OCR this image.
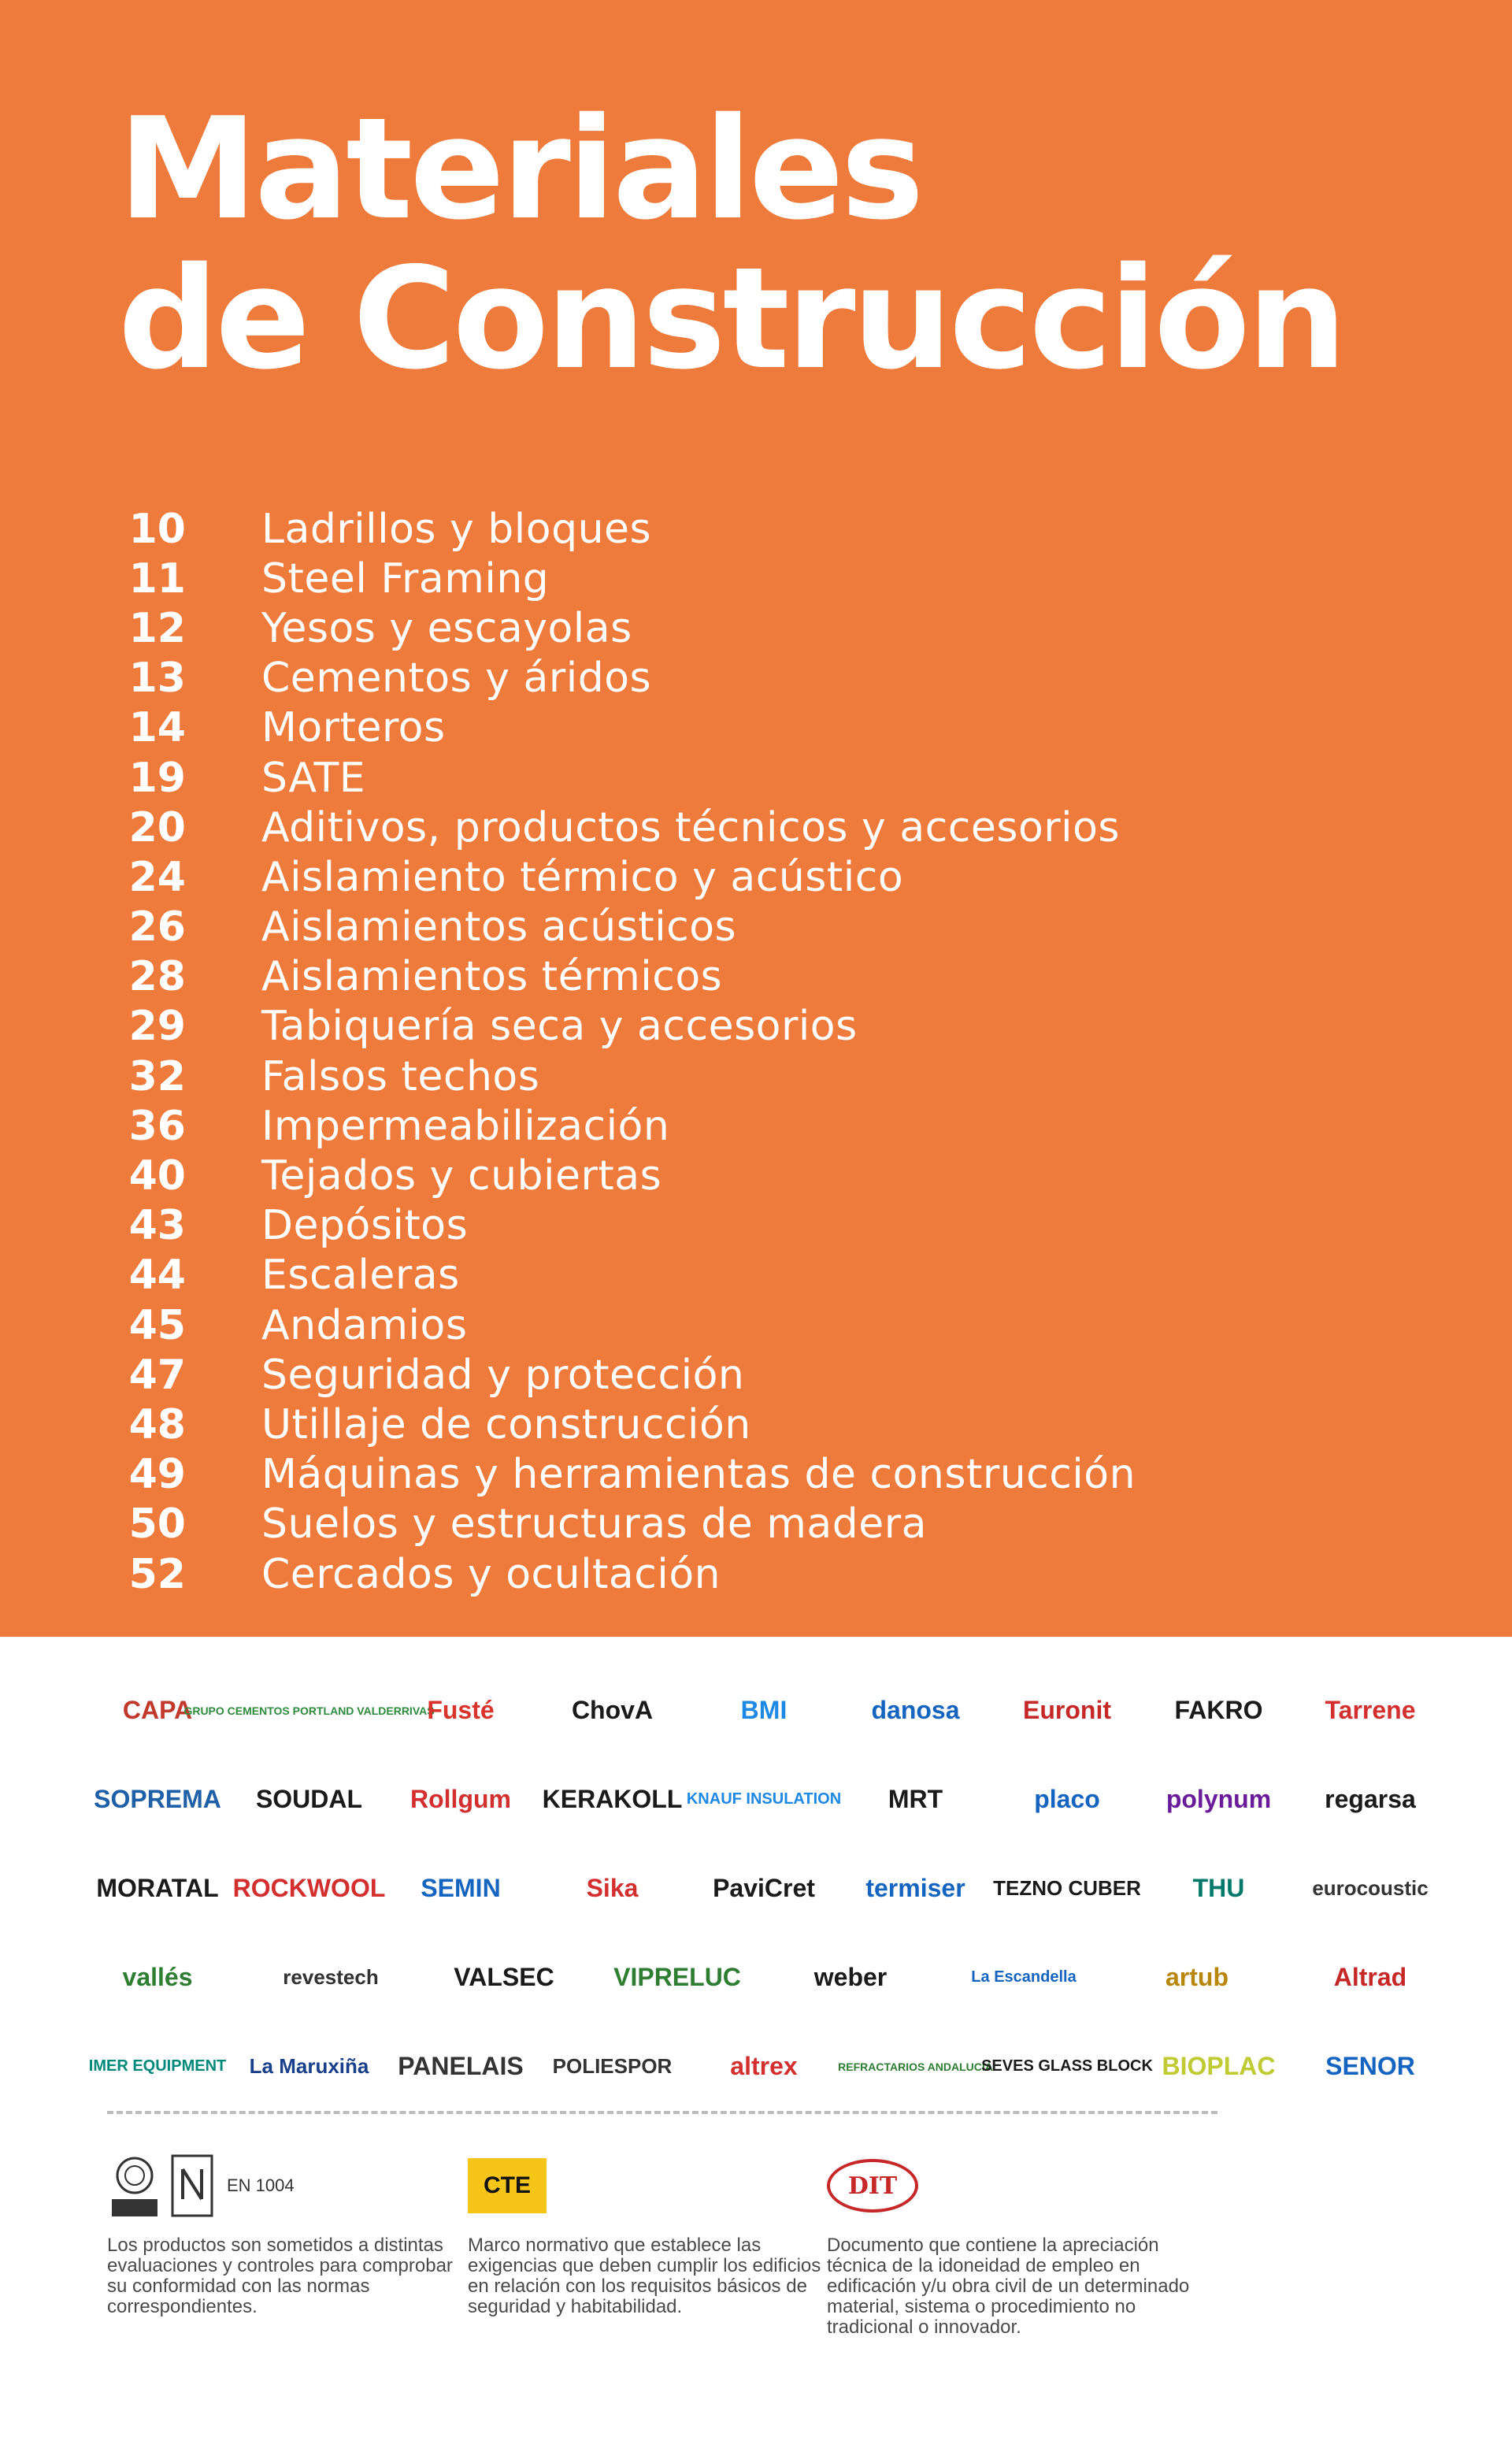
Materiales
de Construcción
10 Ladrillos y bloques
11 Steel Framing
12 Yesos y escayolas
13 Cementos y áridos
14 Morteros
19 SATE
20 Aditivos, productos técnicos y accesorios
24 Aislamiento térmico y acústico
26 Aislamientos acústicos
28 Aislamientos térmicos
29 Tabiquería seca y accesorios
32 Falsos techos
36 Impermeabilización
40 Tejados y cubiertas
43 Depósitos
44 Escaleras
45 Andamios
47 Seguridad y protección
48 Utillaje de construcción
49 Máquinas y herramientas de construcción
50 Suelos y estructuras de madera
52 Cercados y ocultación
CAPA
GRUPO CEMENTOS PORTLAND VALDERRIVAS
Fusté	ChovA	BMI	danosa	Euronit	FAKRO	Tarrene
SOPREMA	SOUDAL	Rollgum	KERAKOLL KNAUF INSULATION	MRT	placo	polynum	regarsa
MORATAL ROCKWOOL	SEMIN	Sika	PaviCret	termiser	TEZNO CUBER	THU	eurocoustic
vallés	revestech	VALSEC	VIPRELUC	weber	La Escandella	artub	Altrad
IMER EQUIPMENT La Maruxiña PANELAIS POLIESPOR	altrex	REFRACTARIOS ANDALUCÍA
SEVES GLASS BLOCK BIOPLAC	SENOR
EN 1004
Los productos son sometidos a distintas evaluaciones y controles para comprobar su conformidad con las normas correspondientes.
CTE
Marco normativo que establece las exigencias que deben cumplir los edificios en relación con los requisitos básicos de seguridad y habitabilidad.
DIT
Documento que contiene la apreciación técnica de la idoneidad de empleo en edificación y/u obra civil de un determinado material, sistema o procedimiento no tradicional o innovador.
